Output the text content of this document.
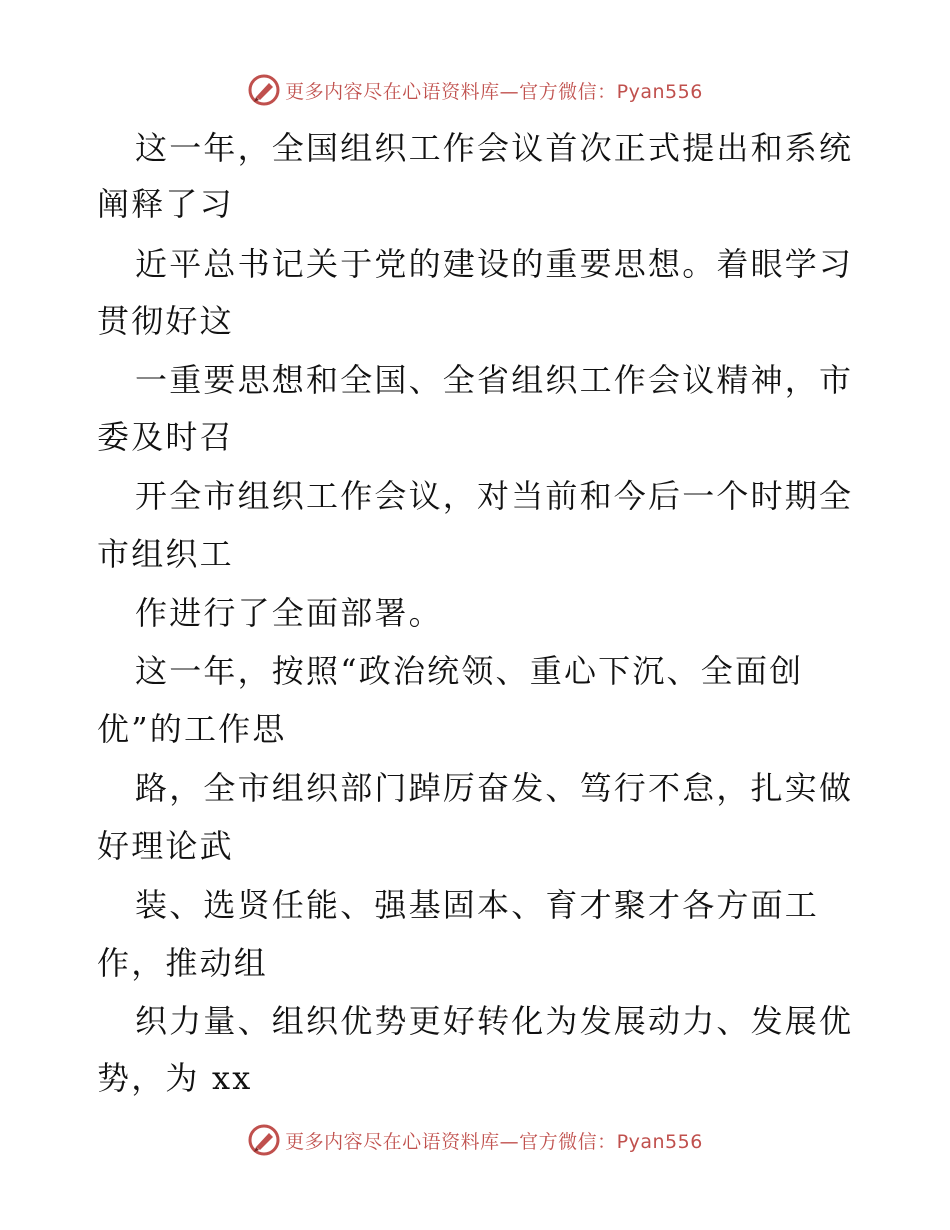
更多内容尽在心语资料库—官方微信：Pyan556
这一年，全国组织工作会议首次正式提出和系统
阐释了习
近平总书记关于党的建设的重要思想。着眼学习
贯彻好这
一重要思想和全国、全省组织工作会议精神，市
委及时召
开全市组织工作会议，对当前和今后一个时期全
市组织工
作进行了全面部署。
这一年，按照“政治统领、重心下沉、全面创
优”的工作思
路，全市组织部门踔厉奋发、笃行不怠，扎实做
好理论武
装、选贤任能、强基固本、育才聚才各方面工
作，推动组
织力量、组织优势更好转化为发展动力、发展优
势，为 xx
更多内容尽在心语资料库—官方微信：Pyan556
